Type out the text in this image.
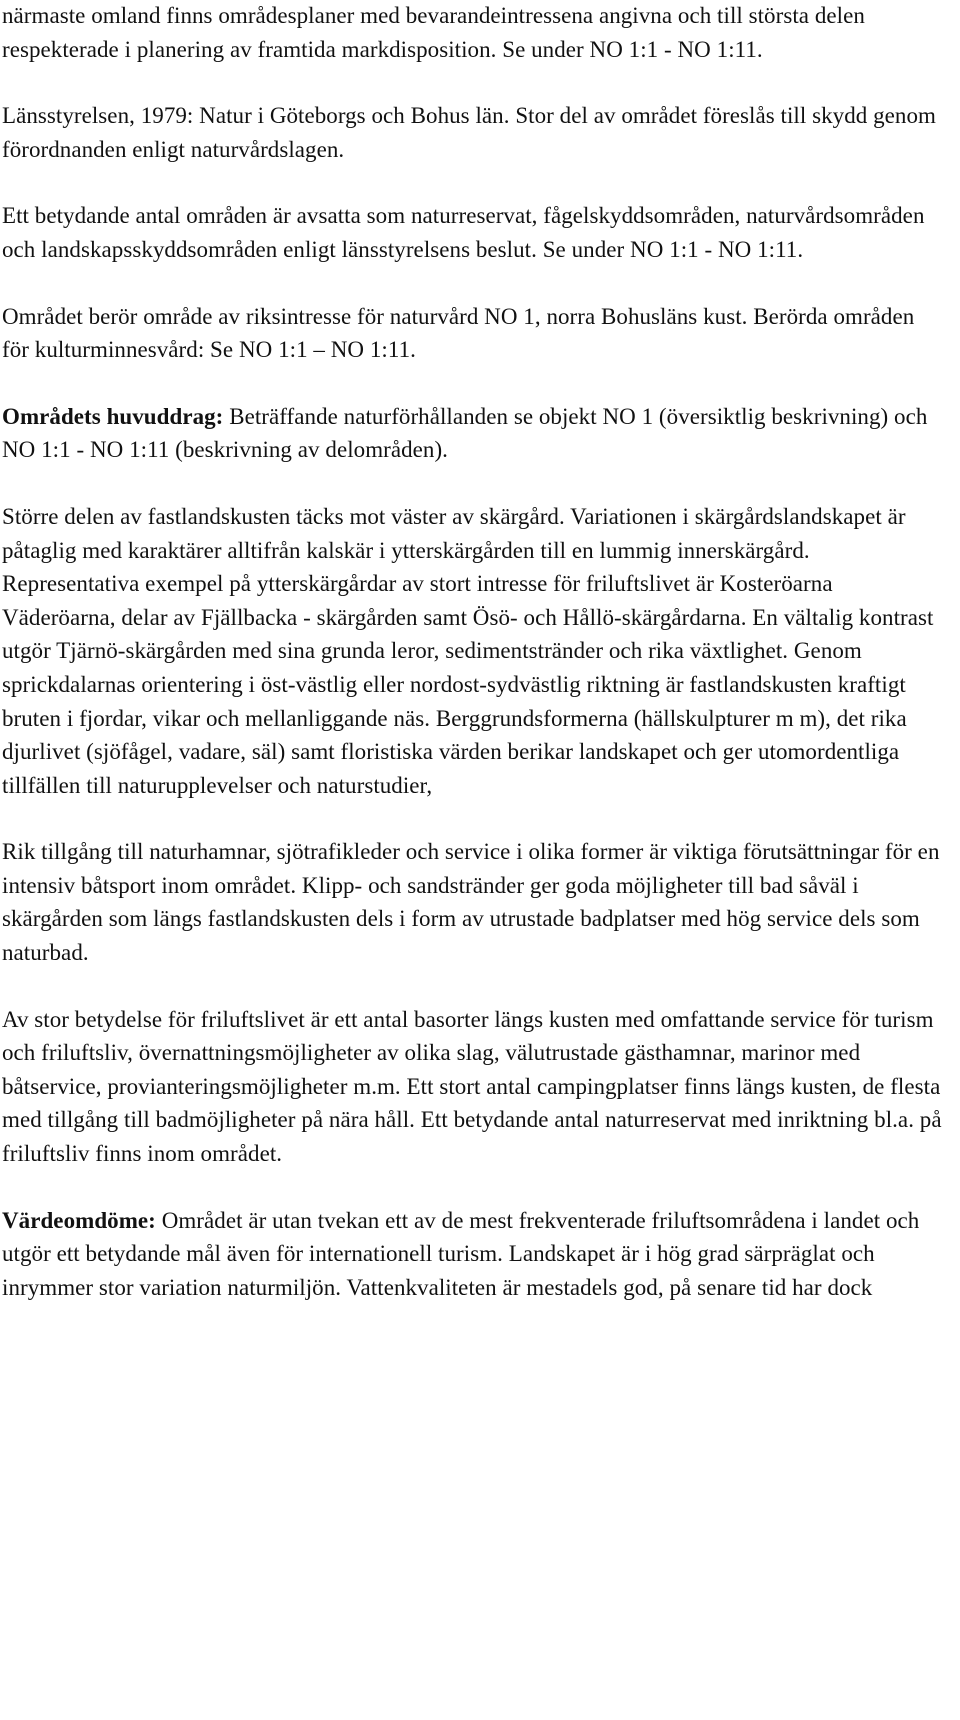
närmaste omland finns områdesplaner med bevarandeintressena angivna och till största delen respekterade i planering av framtida markdisposition. Se under NO 1:1 - NO 1:11.

Länsstyrelsen, 1979: Natur i Göteborgs och Bohus län. Stor del av området föreslås till skydd genom förordnanden enligt naturvårdslagen.

Ett betydande antal områden är avsatta som naturreservat, fågelskyddsområden, naturvårdsområden och landskapsskyddsområden enligt länsstyrelsens beslut. Se under NO 1:1 - NO 1:11.

Området berör område av riksintresse för naturvård NO 1, norra Bohusläns kust. Berörda områden för kulturminnesvård: Se NO 1:1 – NO 1:11.

Områdets huvuddrag: Beträffande naturförhållanden se objekt NO 1 (översiktlig beskrivning) och NO 1:1 - NO 1:11 (beskrivning av delområden).

Större delen av fastlandskusten täcks mot väster av skärgård. Variationen i skärgårdslandskapet är påtaglig med karaktärer alltifrån kalskär i ytterskärgården till en lummig innerskärgård. Representativa exempel på ytterskärgårdar av stort intresse för friluftslivet är Kosteröarna Väderöarna, delar av Fjällbacka - skärgården samt Ösö- och Hållö-skärgårdarna. En vältalig kontrast utgör Tjärnö-skärgården med sina grunda leror, sedimentstränder och rika växtlighet. Genom sprickdalarnas orientering i öst-västlig eller nordost-sydvästlig riktning är fastlandskusten kraftigt bruten i fjordar, vikar och mellanliggande näs. Berggrundsformerna (hällskulpturer m m), det rika djurlivet (sjöfågel, vadare, säl) samt floristiska värden berikar landskapet och ger utomordentliga tillfällen till naturupplevelser och naturstudier,

Rik tillgång till naturhamnar, sjötrafikleder och service i olika former är viktiga förutsättningar för en intensiv båtsport inom området. Klipp- och sandstränder ger goda möjligheter till bad såväl i skärgården som längs fastlandskusten dels i form av utrustade badplatser med hög service dels som naturbad.

Av stor betydelse för friluftslivet är ett antal basorter längs kusten med omfattande service för turism och friluftsliv, övernattningsmöjligheter av olika slag, välutrustade gästhamnar, marinor med båtservice, provianteringsmöjligheter m.m. Ett stort antal campingplatser finns längs kusten, de flesta med tillgång till badmöjligheter på nära håll. Ett betydande antal naturreservat med inriktning bl.a. på friluftsliv finns inom området.

Värdeomdöme: Området är utan tvekan ett av de mest frekventerade friluftsområdena i landet och utgör ett betydande mål även för internationell turism. Landskapet är i hög grad särpräglat och inrymmer stor variation naturmiljön. Vattenkvaliteten är mestadels god, på senare tid har dock
